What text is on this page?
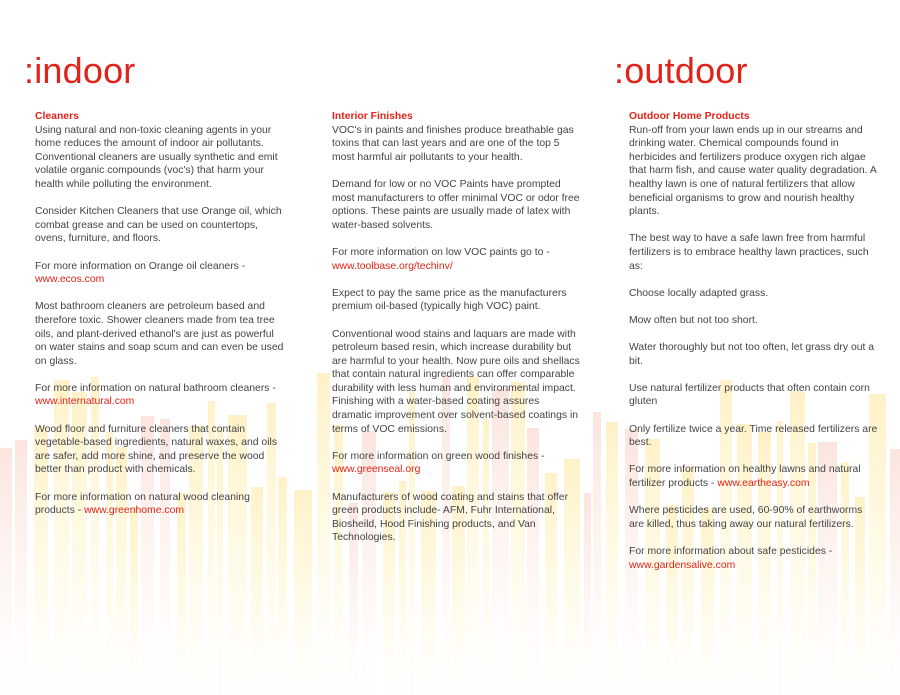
:indoor	:outdoor
Cleaners

Using natural and non-toxic cleaning agents in your home reduces the amount of indoor air pollutants. Conventional cleaners are usually synthetic and emit volatile organic compounds (voc's) that harm your health while polluting the environment.

Consider Kitchen Cleaners that use Orange oil, which combat grease and can be used on countertops, ovens, furniture, and floors.

For more information on Orange oil cleaners -
www.ecos.com

Most bathroom cleaners are petroleum based and therefore toxic. Shower cleaners made from tea tree oils, and plant-derived ethanol's are just as powerful on water stains and soap scum and can even be used on glass.

For more information on natural bathroom cleaners -
www.internatural.com

Wood floor and furniture cleaners that contain vegetable-based ingredients, natural waxes, and oils are safer, add more shine, and preserve the wood better than product with chemicals.

For more information on natural wood cleaning products - www.greenhome.com

Interior Finishes

VOC's in paints and finishes produce breathable gas toxins that can last years and are one of the top 5 most harmful air pollutants to your health.

Demand for low or no VOC Paints have prompted most manufacturers to offer minimal VOC or odor free options. These paints are usually made of latex with water-based solvents.

For more information on low VOC paints go to -
www.toolbase.org/techinv/

Expect to pay the same price as the manufacturers premium oil-based (typically high VOC) paint.

Conventional wood stains and laquars are made with petroleum based resin, which increase durability but are harmful to your health. Now pure oils and shellacs that contain natural ingredients can offer comparable durability with less human and environmental impact. Finishing with a water-based coating assures dramatic improvement over solvent-based coatings in terms of VOC emissions.

For more information on green wood finishes -
www.greenseal.org

Manufacturers of wood coating and stains that offer green products include- AFM, Fuhr International, Biosheild, Hood Finishing products, and Van Technologies.

Outdoor Home Products

Run-off from your lawn ends up in our streams and drinking water. Chemical compounds found in herbicides and fertilizers produce oxygen rich algae that harm fish, and cause water quality degradation. A healthy lawn is one of natural fertilizers that allow beneficial organisms to grow and nourish healthy plants.

The best way to have a safe lawn free from harmful fertilizers is to embrace healthy lawn practices, such as:

Choose locally adapted grass.

Mow often but not too short.

Water thoroughly but not too often, let grass dry out a bit.

Use natural fertilizer products that often contain corn gluten

Only fertilize twice a year. Time released fertilizers are best.

For more information on healthy lawns and natural fertilizer products - www.eartheasy.com

Where pesticides are used, 60-90% of earthworms are killed, thus taking away our natural fertilizers.

For more information about safe pesticides -
www.gardensalive.com
